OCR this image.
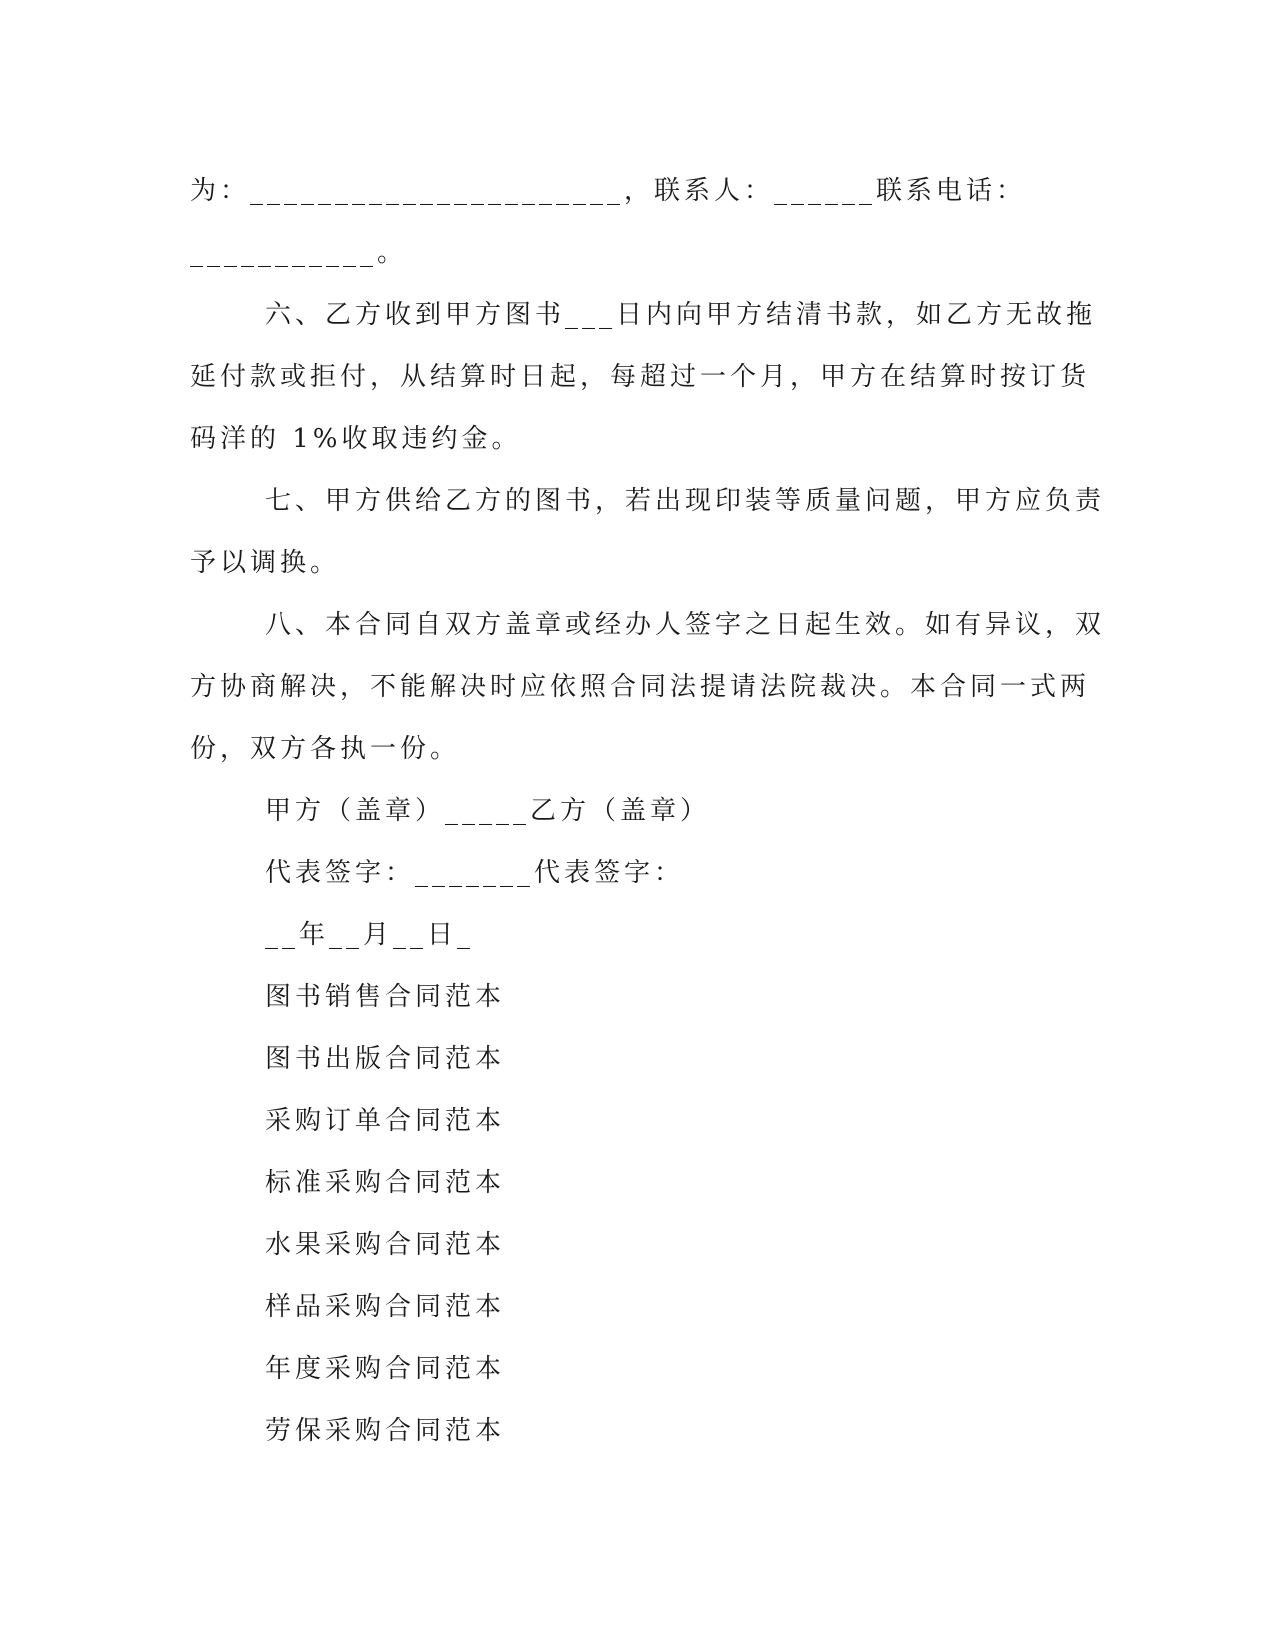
为：______________________，联系人：______联系电话：
___________。
六、乙方收到甲方图书___日内向甲方结清书款，如乙方无故拖
延付款或拒付，从结算时日起，每超过一个月，甲方在结算时按订货
码洋的 1%收取违约金。
七、甲方供给乙方的图书，若出现印装等质量问题，甲方应负责
予以调换。
八、本合同自双方盖章或经办人签字之日起生效。如有异议，双
方协商解决，不能解决时应依照合同法提请法院裁决。本合同一式两
份，双方各执一份。
甲方（盖章）_____乙方（盖章）
代表签字：_______代表签字：
__年__月__日_
图书销售合同范本
图书出版合同范本
采购订单合同范本
标准采购合同范本
水果采购合同范本
样品采购合同范本
年度采购合同范本
劳保采购合同范本
